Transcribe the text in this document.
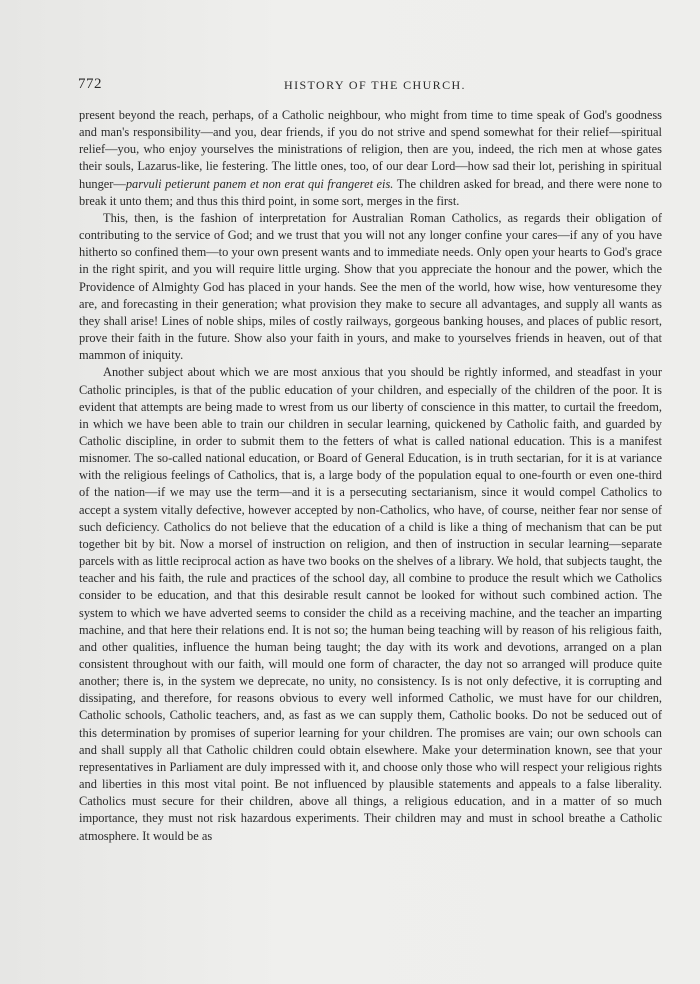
772	HISTORY OF THE CHURCH.

present beyond the reach, perhaps, of a Catholic neighbour, who might from time to time speak of God's goodness and man's responsibility—and you, dear friends, if you do not strive and spend somewhat for their relief—spiritual relief—you, who enjoy yourselves the ministrations of religion, then are you, indeed, the rich men at whose gates their souls, Lazarus-like, lie festering. The little ones, too, of our dear Lord—how sad their lot, perishing in spiritual hunger—parvuli petierunt panem et non erat qui frangeret eis. The children asked for bread, and there were none to break it unto them; and thus this third point, in some sort, merges in the first.

This, then, is the fashion of interpretation for Australian Roman Catholics, as regards their obligation of contributing to the service of God; and we trust that you will not any longer confine your cares—if any of you have hitherto so confined them—to your own present wants and to immediate needs. Only open your hearts to God's grace in the right spirit, and you will require little urging. Show that you appreciate the honour and the power, which the Providence of Almighty God has placed in your hands. See the men of the world, how wise, how venturesome they are, and forecasting in their generation; what provision they make to secure all advantages, and supply all wants as they shall arise! Lines of noble ships, miles of costly railways, gorgeous banking houses, and places of public resort, prove their faith in the future. Show also your faith in yours, and make to yourselves friends in heaven, out of that mammon of iniquity.

Another subject about which we are most anxious that you should be rightly informed, and steadfast in your Catholic principles, is that of the public education of your children, and especially of the children of the poor. It is evident that attempts are being made to wrest from us our liberty of conscience in this matter, to curtail the freedom, in which we have been able to train our children in secular learning, quickened by Catholic faith, and guarded by Catholic discipline, in order to submit them to the fetters of what is called national education. This is a manifest misnomer. The so-called national education, or Board of General Education, is in truth sectarian, for it is at variance with the religious feelings of Catholics, that is, a large body of the population equal to one-fourth or even one-third of the nation—if we may use the term—and it is a persecuting sectarianism, since it would compel Catholics to accept a system vitally defective, however accepted by non-Catholics, who have, of course, neither fear nor sense of such deficiency. Catholics do not believe that the education of a child is like a thing of mechanism that can be put together bit by bit. Now a morsel of instruction on religion, and then of instruction in secular learning—separate parcels with as little reciprocal action as have two books on the shelves of a library. We hold, that subjects taught, the teacher and his faith, the rule and practices of the school day, all combine to produce the result which we Catholics consider to be education, and that this desirable result cannot be looked for without such combined action. The system to which we have adverted seems to consider the child as a receiving machine, and the teacher an imparting machine, and that here their relations end. It is not so; the human being teaching will by reason of his religious faith, and other qualities, influence the human being taught; the day with its work and devotions, arranged on a plan consistent throughout with our faith, will mould one form of character, the day not so arranged will produce quite another; there is, in the system we deprecate, no unity, no consistency. Is is not only defective, it is corrupting and dissipating, and therefore, for reasons obvious to every well informed Catholic, we must have for our children, Catholic schools, Catholic teachers, and, as fast as we can supply them, Catholic books. Do not be seduced out of this determination by promises of superior learning for your children. The promises are vain; our own schools can and shall supply all that Catholic children could obtain elsewhere. Make your determination known, see that your representatives in Parliament are duly impressed with it, and choose only those who will respect your religious rights and liberties in this most vital point. Be not influenced by plausible statements and appeals to a false liberality. Catholics must secure for their children, above all things, a religious education, and in a matter of so much importance, they must not risk hazardous experiments. Their children may and must in school breathe a Catholic atmosphere. It would be as
